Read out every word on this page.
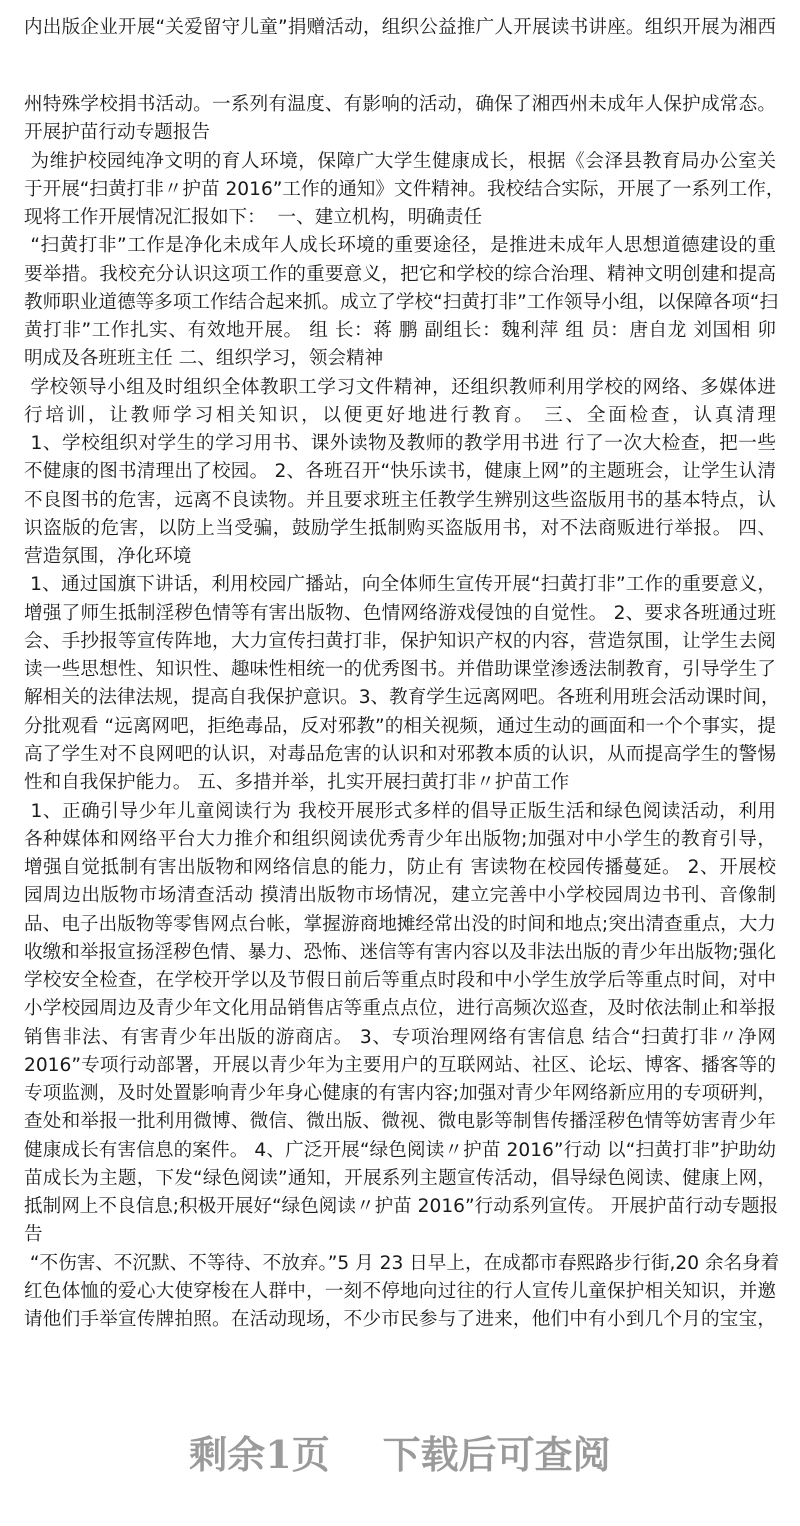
内出版企业开展“关爱留守儿童”捐赠活动，组织公益推广人开展读书讲座。组织开展为湘西
州特殊学校捐书活动。一系列有温度、有影响的活动，确保了湘西州未成年人保护成常态。
开展护苗行动专题报告
为维护校园纯净文明的育人环境，保障广大学生健康成长，根据《会泽县教育局办公室关
于开展“扫黄打非〃护苗 2016”工作的通知》文件精神。我校结合实际，开展了一系列工作，
现将工作开展情况汇报如下：  一、建立机构，明确责任
“扫黄打非”工作是净化未成年人成长环境的重要途径，是推进未成年人思想道德建设的重
要举措。我校充分认识这项工作的重要意义，把它和学校的综合治理、精神文明创建和提高
教师职业道德等多项工作结合起来抓。成立了学校“扫黄打非”工作领导小组，以保障各项“扫
黄打非”工作扎实、有效地开展。 组 长：蒋 鹏 副组长：魏利萍 组 员：唐自龙 刘国相 卯
明成及各班班主任 二、组织学习，领会精神
学校领导小组及时组织全体教职工学习文件精神，还组织教师利用学校的网络、多媒体进
行培训，让教师学习相关知识，以便更好地进行教育。 三、全面检查，认真清理
1、学校组织对学生的学习用书、课外读物及教师的教学用书进 行了一次大检查，把一些
不健康的图书清理出了校园。 2、各班召开“快乐读书，健康上网”的主题班会，让学生认清
不良图书的危害，远离不良读物。并且要求班主任教学生辨别这些盗版用书的基本特点，认
识盗版的危害，以防上当受骗，鼓励学生抵制购买盗版用书，对不法商贩进行举报。 四、
营造氛围，净化环境
1、通过国旗下讲话，利用校园广播站，向全体师生宣传开展“扫黄打非”工作的重要意义，
增强了师生抵制淫秽色情等有害出版物、色情网络游戏侵蚀的自觉性。 2、要求各班通过班
会、手抄报等宣传阵地，大力宣传扫黄打非，保护知识产权的内容，营造氛围，让学生去阅
读一些思想性、知识性、趣味性相统一的优秀图书。并借助课堂渗透法制教育，引导学生了
解相关的法律法规，提高自我保护意识。3、教育学生远离网吧。各班利用班会活动课时间，
分批观看 “远离网吧，拒绝毒品，反对邪教”的相关视频，通过生动的画面和一个个事实，提
高了学生对不良网吧的认识，对毒品危害的认识和对邪教本质的认识，从而提高学生的警惕
性和自我保护能力。 五、多措并举，扎实开展扫黄打非〃护苗工作
1、正确引导少年儿童阅读行为 我校开展形式多样的倡导正版生活和绿色阅读活动，利用
各种媒体和网络平台大力推介和组织阅读优秀青少年出版物;加强对中小学生的教育引导，
增强自觉抵制有害出版物和网络信息的能力，防止有 害读物在校园传播蔓延。 2、开展校
园周边出版物市场清查活动 摸清出版物市场情况，建立完善中小学校园周边书刊、音像制
品、电子出版物等零售网点台帐，掌握游商地摊经常出没的时间和地点;突出清查重点，大力
收缴和举报宣扬淫秽色情、暴力、恐怖、迷信等有害内容以及非法出版的青少年出版物;强化
学校安全检查，在学校开学以及节假日前后等重点时段和中小学生放学后等重点时间，对中
小学校园周边及青少年文化用品销售店等重点点位，进行高频次巡查，及时依法制止和举报
销售非法、有害青少年出版的游商店。 3、专项治理网络有害信息 结合“扫黄打非〃净网
2016”专项行动部署，开展以青少年为主要用户的互联网站、社区、论坛、博客、播客等的
专项监测，及时处置影响青少年身心健康的有害内容;加强对青少年网络新应用的专项研判，
查处和举报一批利用微博、微信、微出版、微视、微电影等制售传播淫秽色情等妨害青少年
健康成长有害信息的案件。 4、广泛开展“绿色阅读〃护苗 2016”行动 以“扫黄打非”护助幼
苗成长为主题，下发“绿色阅读”通知，开展系列主题宣传活动，倡导绿色阅读、健康上网，
抵制网上不良信息;积极开展好“绿色阅读〃护苗 2016”行动系列宣传。 开展护苗行动专题报
告
“不伤害、不沉默、不等待、不放弃。”5 月 23 日早上，在成都市春熙路步行街,20 余名身着
红色体恤的爱心大使穿梭在人群中，一刻不停地向过往的行人宣传儿童保护相关知识，并邀
请他们手举宣传牌拍照。在活动现场，不少市民参与了进来，他们中有小到几个月的宝宝，
剩余1页 下载后可查阅
